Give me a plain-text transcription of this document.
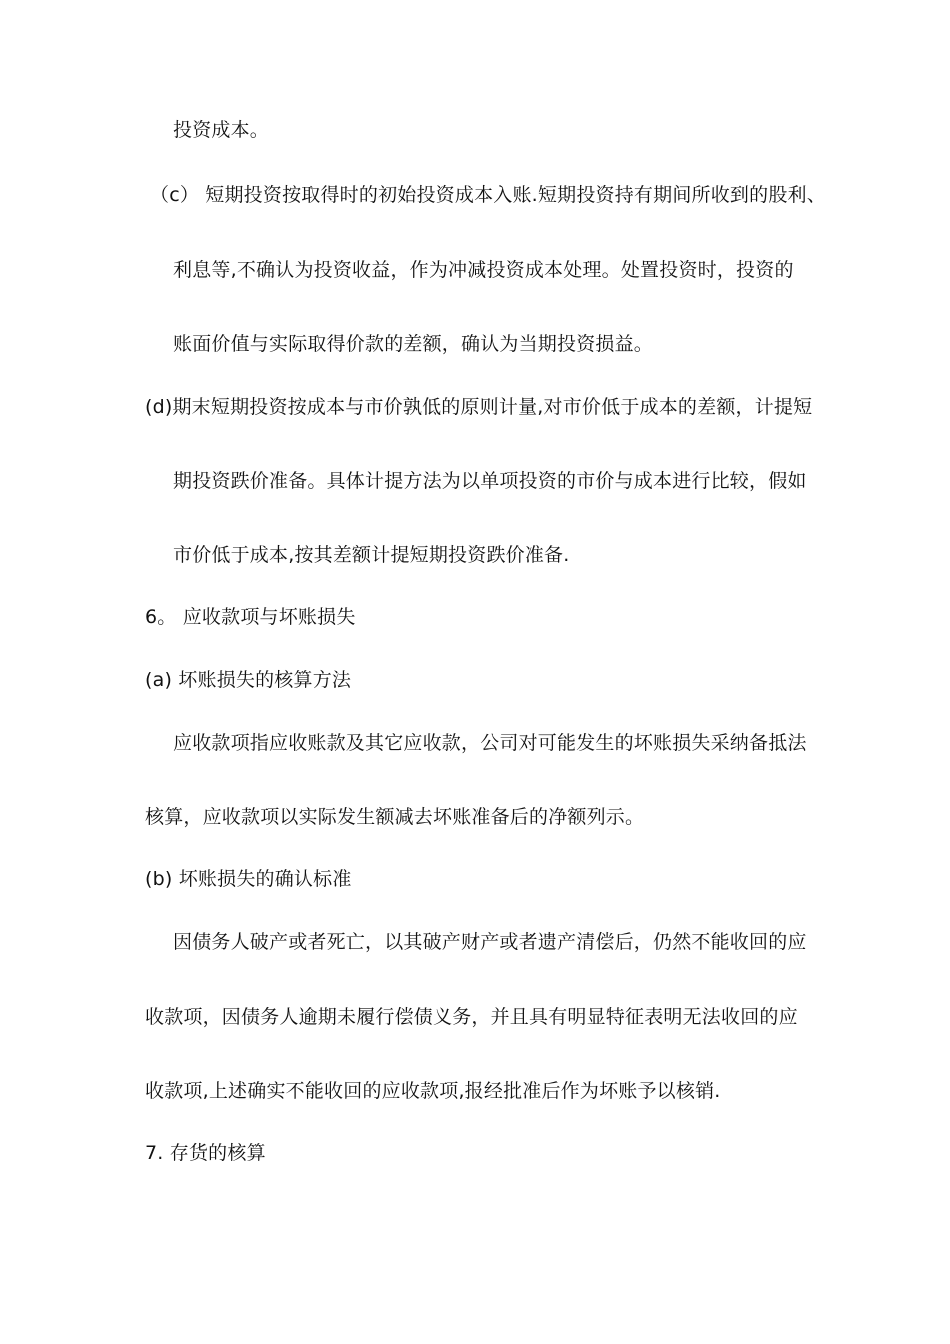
投资成本。
（c） 短期投资按取得时的初始投资成本入账.短期投资持有期间所收到的股利、
利息等,不确认为投资收益，作为冲减投资成本处理。处置投资时，投资的
账面价值与实际取得价款的差额，确认为当期投资损益。
(d)期末短期投资按成本与市价孰低的原则计量,对市价低于成本的差额，计提短
期投资跌价准备。具体计提方法为以单项投资的市价与成本进行比较，假如
市价低于成本,按其差额计提短期投资跌价准备.
6。 应收款项与坏账损失
(a) 坏账损失的核算方法
应收款项指应收账款及其它应收款，公司对可能发生的坏账损失采纳备抵法
核算，应收款项以实际发生额减去坏账准备后的净额列示。
(b) 坏账损失的确认标准
因债务人破产或者死亡，以其破产财产或者遗产清偿后，仍然不能收回的应
收款项，因债务人逾期未履行偿债义务，并且具有明显特征表明无法收回的应
收款项,上述确实不能收回的应收款项,报经批准后作为坏账予以核销.
7. 存货的核算
